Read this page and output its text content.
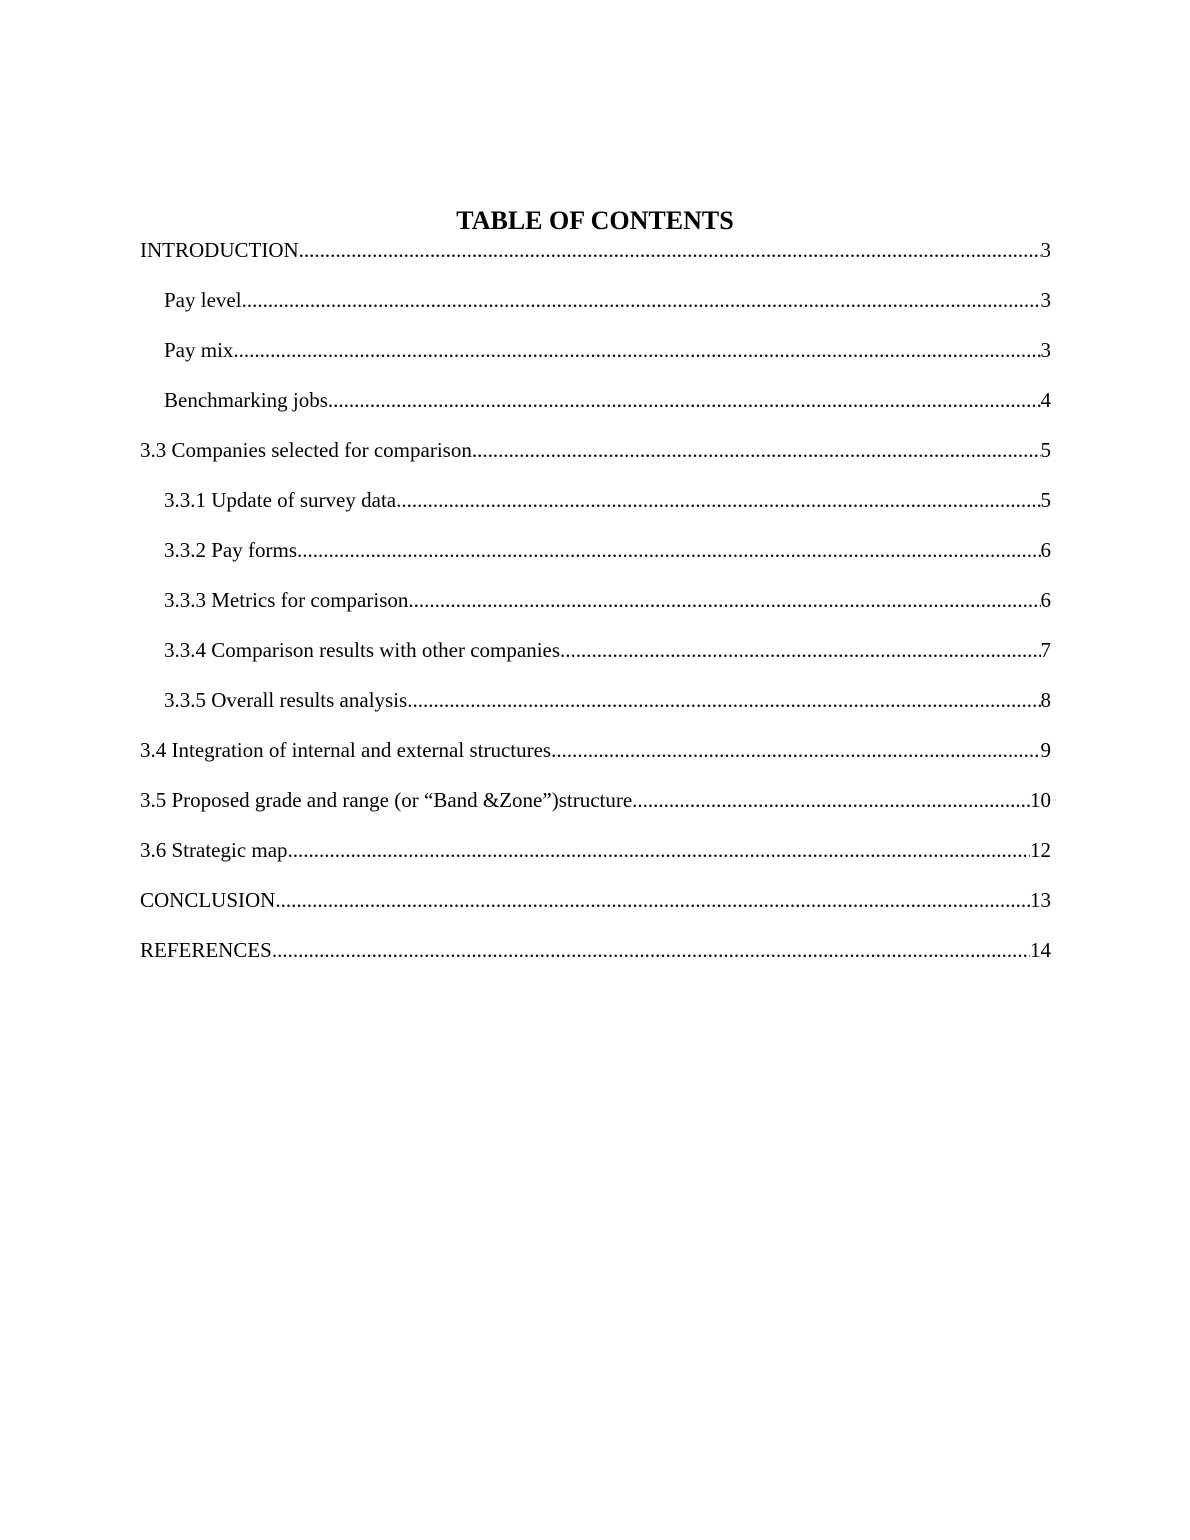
TABLE OF CONTENTS
INTRODUCTION .....	3
Pay level .....	3
Pay mix .....	3
Benchmarking jobs .....	4
3.3 Companies selected for comparison .....	5
3.3.1 Update of survey data .....	5
3.3.2 Pay forms .....	6
3.3.3 Metrics for comparison .....	6
3.3.4 Comparison results with other companies .....	7
3.3.5 Overall results analysis .....	8
3.4 Integration of internal and external structures .....	9
3.5 Proposed grade and range (or “Band &Zone”)structure .....	10
3.6 Strategic map .....	12
CONCLUSION .....	13
REFERENCES .....	14
